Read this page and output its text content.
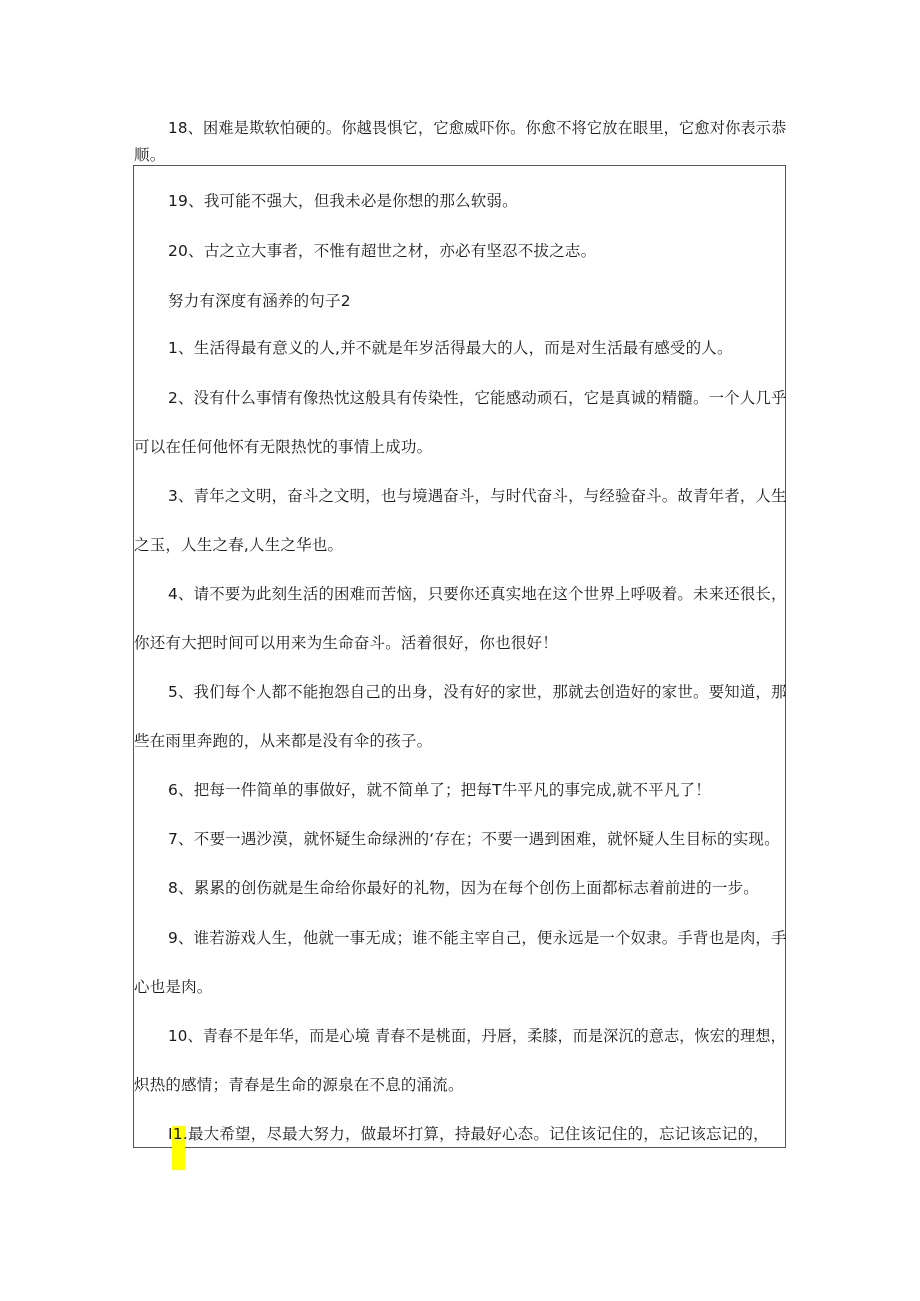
18、困难是欺软怕硬的。你越畏惧它，它愈威吓你。你愈不将它放在眼里，它愈对你表示恭
顺。
19、我可能不强大，但我未必是你想的那么软弱。
20、古之立大事者，不惟有超世之材，亦必有坚忍不拔之志。
努力有深度有涵养的句子2
1、生活得最有意义的人,并不就是年岁活得最大的人，而是对生活最有感受的人。
2、没有什么事情有像热忱这般具有传染性，它能感动顽石，它是真诚的精髓。一个人几乎
可以在任何他怀有无限热忱的事情上成功。
3、青年之文明，奋斗之文明，也与境遇奋斗，与时代奋斗，与经验奋斗。故青年者，人生
之玉，人生之春,人生之华也。
4、请不要为此刻生活的困难而苦恼，只要你还真实地在这个世界上呼吸着。未来还很长，
你还有大把时间可以用来为生命奋斗。活着很好，你也很好！
5、我们每个人都不能抱怨自己的出身，没有好的家世，那就去创造好的家世。要知道，那
些在雨里奔跑的，从来都是没有伞的孩子。
6、把每一件简单的事做好，就不简单了；把每T牛平凡的事完成,就不平凡了！
7、不要一遇沙漠，就怀疑生命绿洲的‘存在；不要一遇到困难，就怀疑人生目标的实现。
8、累累的创伤就是生命给你最好的礼物，因为在每个创伤上面都标志着前进的一步。
9、谁若游戏人生，他就一事无成；谁不能主宰自己，便永远是一个奴隶。手背也是肉，手
心也是肉。
10、青春不是年华，而是心境 青春不是桃面，丹唇，柔膝，而是深沉的意志，恢宏的理想，
炽热的感情；青春是生命的源泉在不息的涌流。
I1.最大希望，尽最大努力，做最坏打算，持最好心态。记住该记住的，忘记该忘记的，
